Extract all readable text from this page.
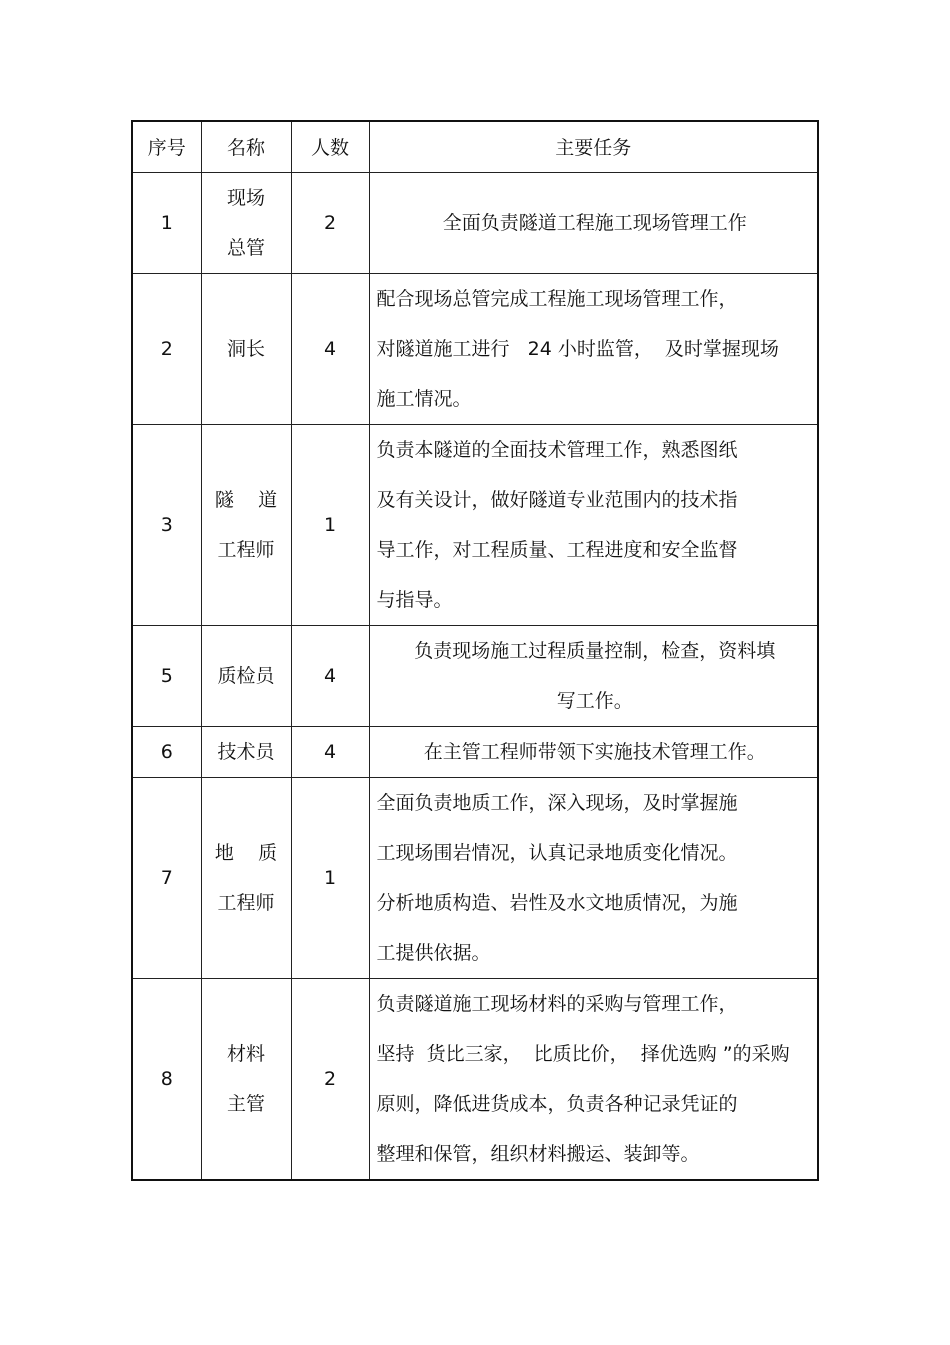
序号	名称	人数	主要任务
1	现场
总管	2	全面负责隧道工程施工现场管理工作

2	洞长	4	配合现场总管完成工程施工现场管理工作，
对隧道施工进行   24 小时监管，  及时掌握现场
施工情况。

3	隧    道
工程师	1	负责本隧道的全面技术管理工作，熟悉图纸
及有关设计，做好隧道专业范围内的技术指
导工作，对工程质量、工程进度和安全监督
与指导。

5	质检员	4	负责现场施工过程质量控制，检查，资料填
写工作。

6	技术员	4	在主管工程师带领下实施技术管理工作。

7	地    质
工程师	1	全面负责地质工作，深入现场，及时掌握施
工现场围岩情况，认真记录地质变化情况。
分析地质构造、岩性及水文地质情况，为施
工提供依据。

8	材料
主管	2	负责隧道施工现场材料的采购与管理工作，
坚持  货比三家，  比质比价，  择优选购 ”的采购
原则，降低进货成本，负责各种记录凭证的
整理和保管，组织材料搬运、装卸等。
